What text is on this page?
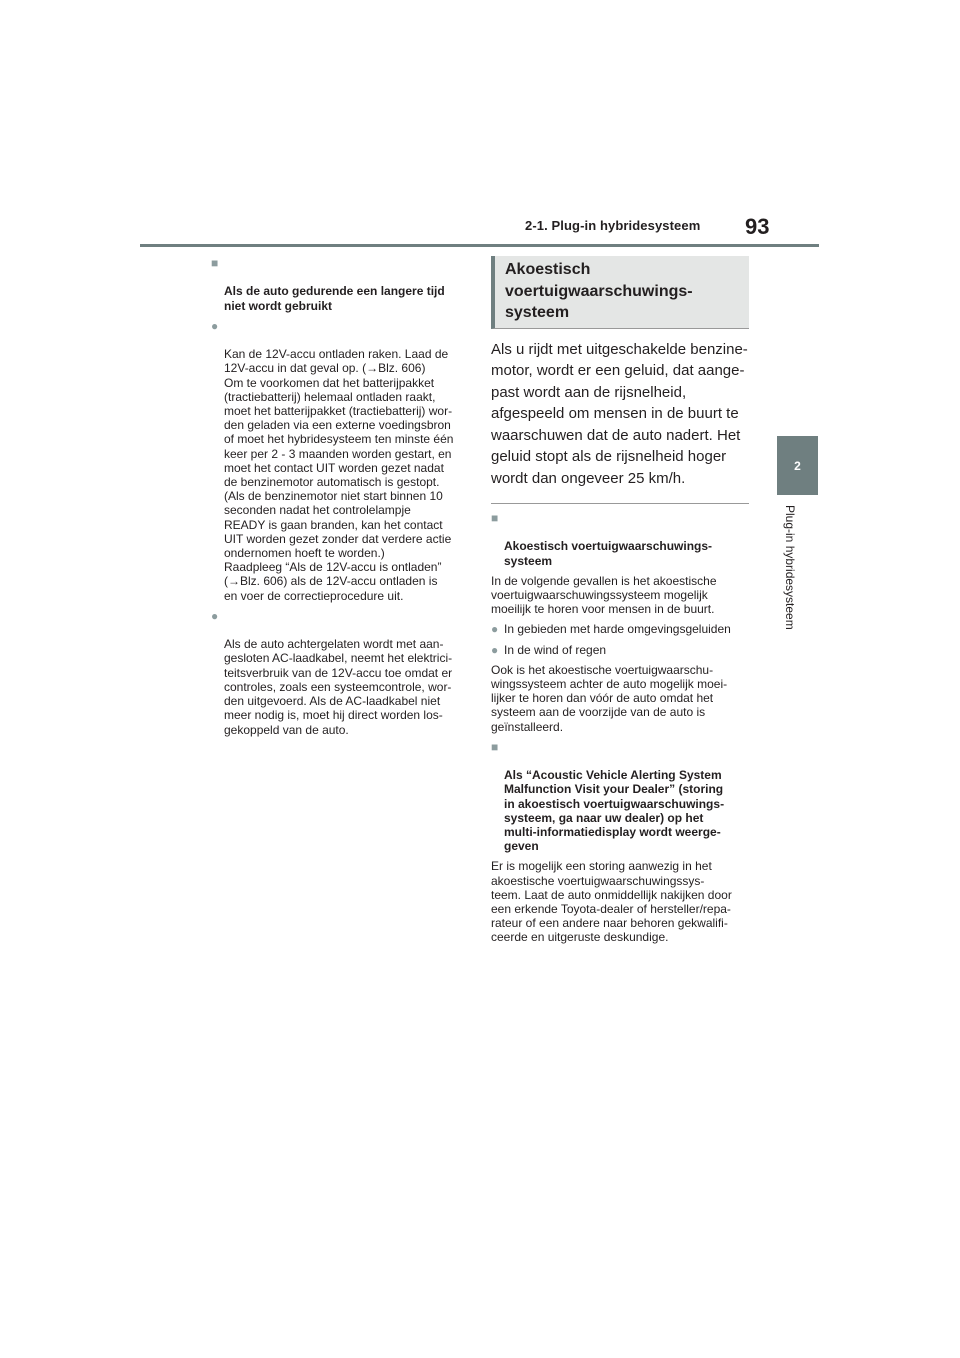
2-1. Plug-in hybridesysteem 93
2
Plug-in hybridesysteem

■

Als de auto gedurende een langere tijd
niet wordt gebruikt

●

Kan de 12V-accu ontladen raken. Laad de
12V-accu in dat geval op. (→Blz. 606)
Om te voorkomen dat het batterijpakket
(tractiebatterij) helemaal ontladen raakt,
moet het batterijpakket (tractiebatterij) wor-
den geladen via een externe voedingsbron
of moet het hybridesysteem ten minste één
keer per 2 - 3 maanden worden gestart, en
moet het contact UIT worden gezet nadat
de benzinemotor automatisch is gestopt.
(Als de benzinemotor niet start binnen 10
seconden nadat het controlelampje
READY is gaan branden, kan het contact
UIT worden gezet zonder dat verdere actie
ondernomen hoeft te worden.)
Raadpleeg “Als de 12V-accu is ontladen”
(→Blz. 606) als de 12V-accu ontladen is
en voer de correctieprocedure uit.

●

Als de auto achtergelaten wordt met aan-
gesloten AC-laadkabel, neemt het elektrici-
teitsverbruik van de 12V-accu toe omdat er
controles, zoals een systeemcontrole, wor-
den uitgevoerd. Als de AC-laadkabel niet
meer nodig is, moet hij direct worden los-
gekoppeld van de auto.

Akoestisch
voertuigwaarschuwings-
systeem
Als u rijdt met uitgeschakelde benzine-
motor, wordt er een geluid, dat aange-
past wordt aan de rijsnelheid,
afgespeeld om mensen in de buurt te
waarschuwen dat de auto nadert. Het
geluid stopt als de rijsnelheid hoger
wordt dan ongeveer 25 km/h.

■

Akoestisch voertuigwaarschuwings-
systeem

In de volgende gevallen is het akoestische
voertuigwaarschuwingssysteem mogelijk
moeilijk te horen voor mensen in de buurt.
● In gebieden met harde omgevingsgeluiden
● In de wind of regen
Ook is het akoestische voertuigwaarschu-
wingssysteem achter de auto mogelijk moei-
lijker te horen dan vóór de auto omdat het
systeem aan de voorzijde van de auto is
geïnstalleerd.

■

Als “Acoustic Vehicle Alerting System
Malfunction Visit your Dealer” (storing
in akoestisch voertuigwaarschuwings-
systeem, ga naar uw dealer) op het
multi-informatiedisplay wordt weerge-
geven

Er is mogelijk een storing aanwezig in het
akoestische voertuigwaarschuwingssys-
teem. Laat de auto onmiddellijk nakijken door
een erkende Toyota-dealer of hersteller/repa-
rateur of een andere naar behoren gekwalifi-
ceerde en uitgeruste deskundige.
